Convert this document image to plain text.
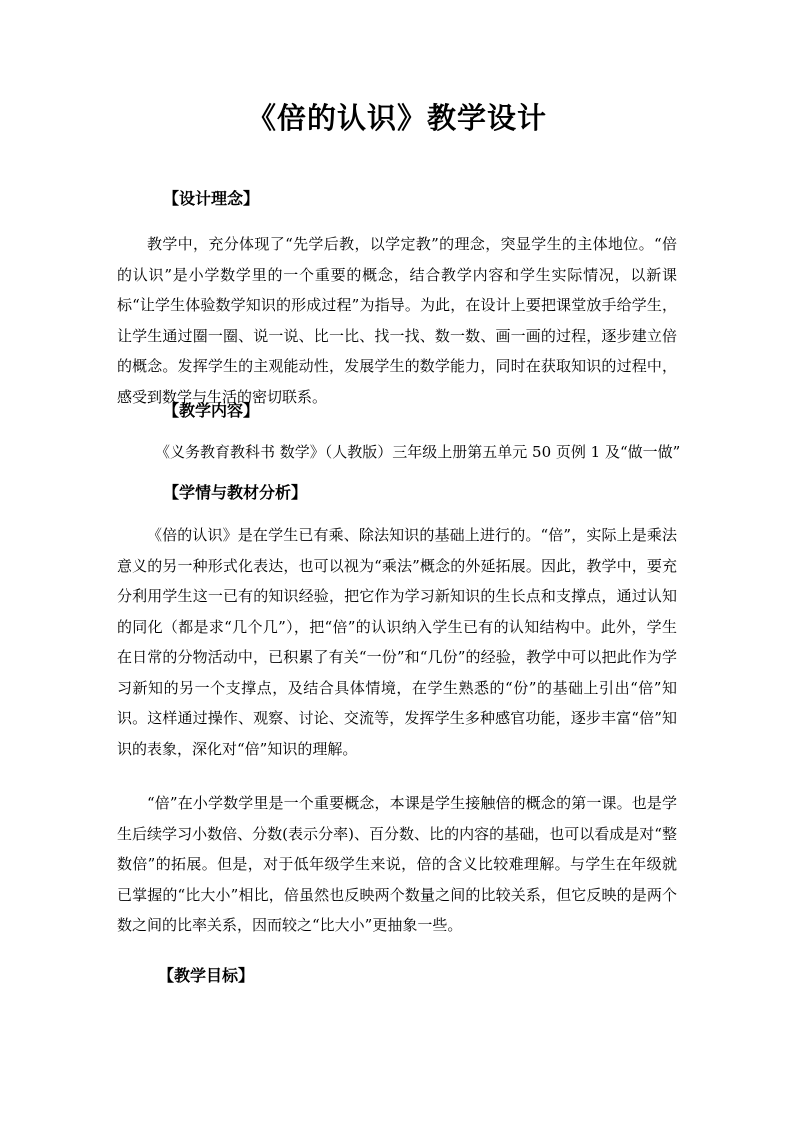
《倍的认识》教学设计
【设计理念】
教学中，充分体现了“先学后教，以学定教”的理念，突显学生的主体地位。“倍的认识”是小学数学里的一个重要的概念，结合教学内容和学生实际情况，以新课标“让学生体验数学知识的形成过程”为指导。为此，在设计上要把课堂放手给学生，让学生通过圈一圈、说一说、比一比、找一找、数一数、画一画的过程，逐步建立倍的概念。发挥学生的主观能动性，发展学生的数学能力，同时在获取知识的过程中，感受到数学与生活的密切联系。
【教学内容】
《义务教育教科书 数学》（人教版）三年级上册第五单元 50 页例 1 及“做一做”
【学情与教材分析】
《倍的认识》是在学生已有乘、除法知识的基础上进行的。“倍”，实际上是乘法意义的另一种形式化表达，也可以视为“乘法”概念的外延拓展。因此，教学中，要充分利用学生这一已有的知识经验，把它作为学习新知识的生长点和支撑点，通过认知的同化（都是求“几个几”），把“倍”的认识纳入学生已有的认知结构中。此外，学生在日常的分物活动中，已积累了有关“一份”和“几份”的经验，教学中可以把此作为学习新知的另一个支撑点，及结合具体情境，在学生熟悉的“份”的基础上引出“倍”知识。这样通过操作、观察、讨论、交流等，发挥学生多种感官功能，逐步丰富“倍”知识的表象，深化对“倍”知识的理解。
“倍”在小学数学里是一个重要概念，本课是学生接触倍的概念的第一课。也是学生后续学习小数倍、分数(表示分率)、百分数、比的内容的基础，也可以看成是对“整数倍”的拓展。但是，对于低年级学生来说，倍的含义比较难理解。与学生在年级就已掌握的“比大小”相比，倍虽然也反映两个数量之间的比较关系，但它反映的是两个数之间的比率关系，因而较之“比大小”更抽象一些。
【教学目标】
